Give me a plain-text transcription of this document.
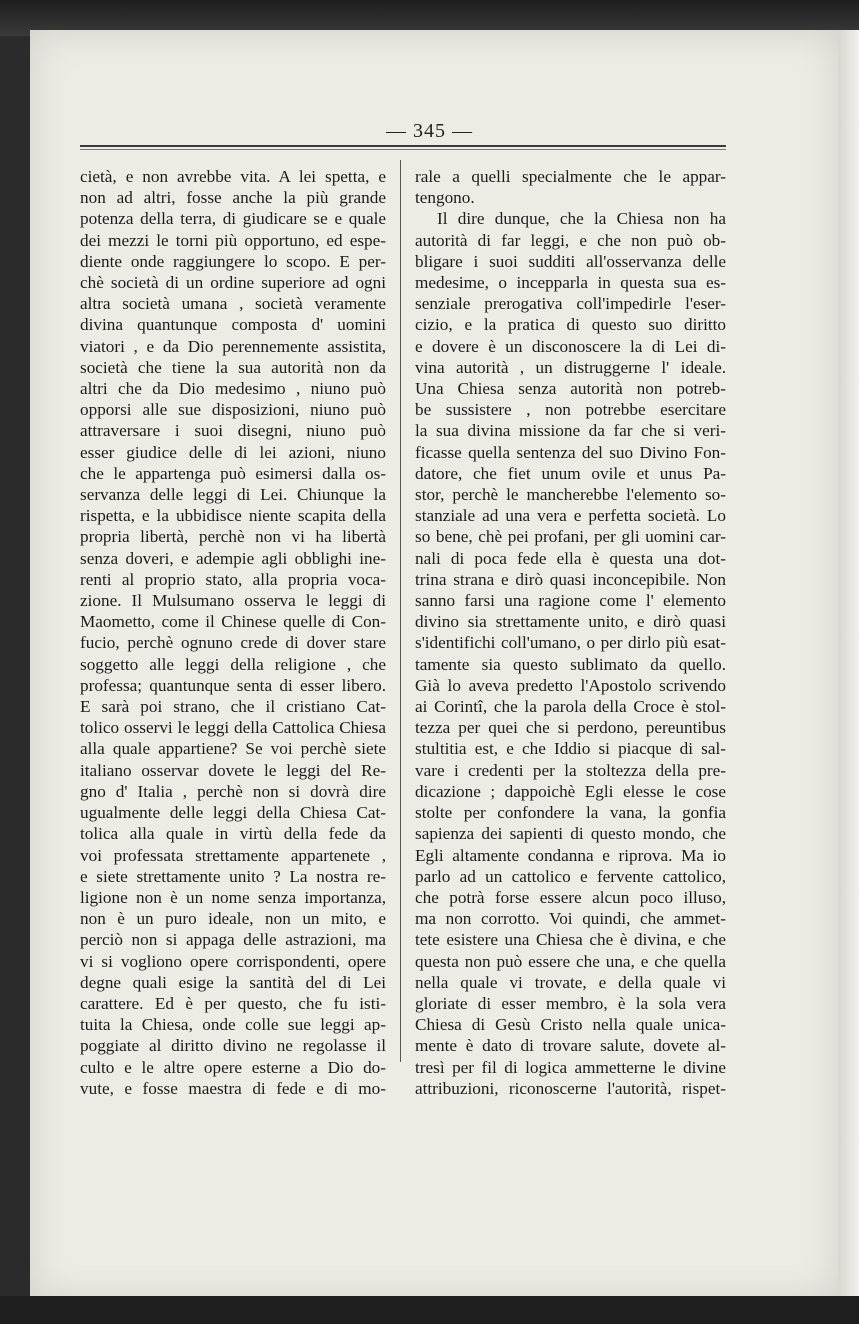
— 345 —
cietà, e non avrebbe vita. A lei spetta, e
non ad altri, fosse anche la più grande
potenza della terra, di giudicare se e quale
dei mezzi le torni più opportuno, ed espe-
diente onde raggiungere lo scopo. E per-
chè società di un ordine superiore ad ogni
altra società umana , società veramente
divina quantunque composta d' uomini
viatori , e da Dio perennemente assistita,
società che tiene la sua autorità non da
altri che da Dio medesimo , niuno può
opporsi alle sue disposizioni, niuno può
attraversare i suoi disegni, niuno può
esser giudice delle di lei azioni, niuno
che le appartenga può esimersi dalla os-
servanza delle leggi di Lei. Chiunque la
rispetta, e la ubbidisce niente scapita della
propria libertà, perchè non vi ha libertà
senza doveri, e adempie agli obblighi ine-
renti al proprio stato, alla propria voca-
zione. Il Mulsumano osserva le leggi di
Maometto, come il Chinese quelle di Con-
fucio, perchè ognuno crede di dover stare
soggetto alle leggi della religione , che
professa; quantunque senta di esser libero.
E sarà poi strano, che il cristiano Cat-
tolico osservi le leggi della Cattolica Chiesa
alla quale appartiene? Se voi perchè siete
italiano osservar dovete le leggi del Re-
gno d' Italia , perchè non si dovrà dire
ugualmente delle leggi della Chiesa Cat-
tolica alla quale in virtù della fede da
voi professata strettamente appartenete ,
e siete strettamente unito ? La nostra re-
ligione non è un nome senza importanza,
non è un puro ideale, non un mito, e
perciò non si appaga delle astrazioni, ma
vi si vogliono opere corrispondenti, opere
degne quali esige la santità del di Lei
carattere. Ed è per questo, che fu isti-
tuita la Chiesa, onde colle sue leggi ap-
poggiate al diritto divino ne regolasse il
culto e le altre opere esterne a Dio do-
vute, e fosse maestra di fede e di mo-
rale a quelli specialmente che le appar-
tengono.
Il dire dunque, che la Chiesa non ha
autorità di far leggi, e che non può ob-
bligare i suoi sudditi all'osservanza delle
medesime, o incepparla in questa sua es-
senziale prerogativa coll'impedirle l'eser-
cizio, e la pratica di questo suo diritto
e dovere è un disconoscere la di Lei di-
vina autorità , un distruggerne l' ideale.
Una Chiesa senza autorità non potreb-
be sussistere , non potrebbe esercitare
la sua divina missione da far che si veri-
ficasse quella sentenza del suo Divino Fon-
datore, che fiet unum ovile et unus Pa-
stor, perchè le mancherebbe l'elemento so-
stanziale ad una vera e perfetta società. Lo
so bene, chè pei profani, per gli uomini car-
nali di poca fede ella è questa una dot-
trina strana e dirò quasi inconcepibile. Non
sanno farsi una ragione come l' elemento
divino sia strettamente unito, e dirò quasi
s'identifichi coll'umano, o per dirlo più esat-
tamente sia questo sublimato da quello.
Già lo aveva predetto l'Apostolo scrivendo
ai Corintî, che la parola della Croce è stol-
tezza per quei che si perdono, pereuntibus
stultitia est, e che Iddio si piacque di sal-
vare i credenti per la stoltezza della pre-
dicazione ; dappoichè Egli elesse le cose
stolte per confondere la vana, la gonfia
sapienza dei sapienti di questo mondo, che
Egli altamente condanna e riprova. Ma io
parlo ad un cattolico e fervente cattolico,
che potrà forse essere alcun poco illuso,
ma non corrotto. Voi quindi, che ammet-
tete esistere una Chiesa che è divina, e che
questa non può essere che una, e che quella
nella quale vi trovate, e della quale vi
gloriate di esser membro, è la sola vera
Chiesa di Gesù Cristo nella quale unica-
mente è dato di trovare salute, dovete al-
tresì per fil di logica ammetterne le divine
attribuzioni, riconoscerne l'autorità, rispet-
